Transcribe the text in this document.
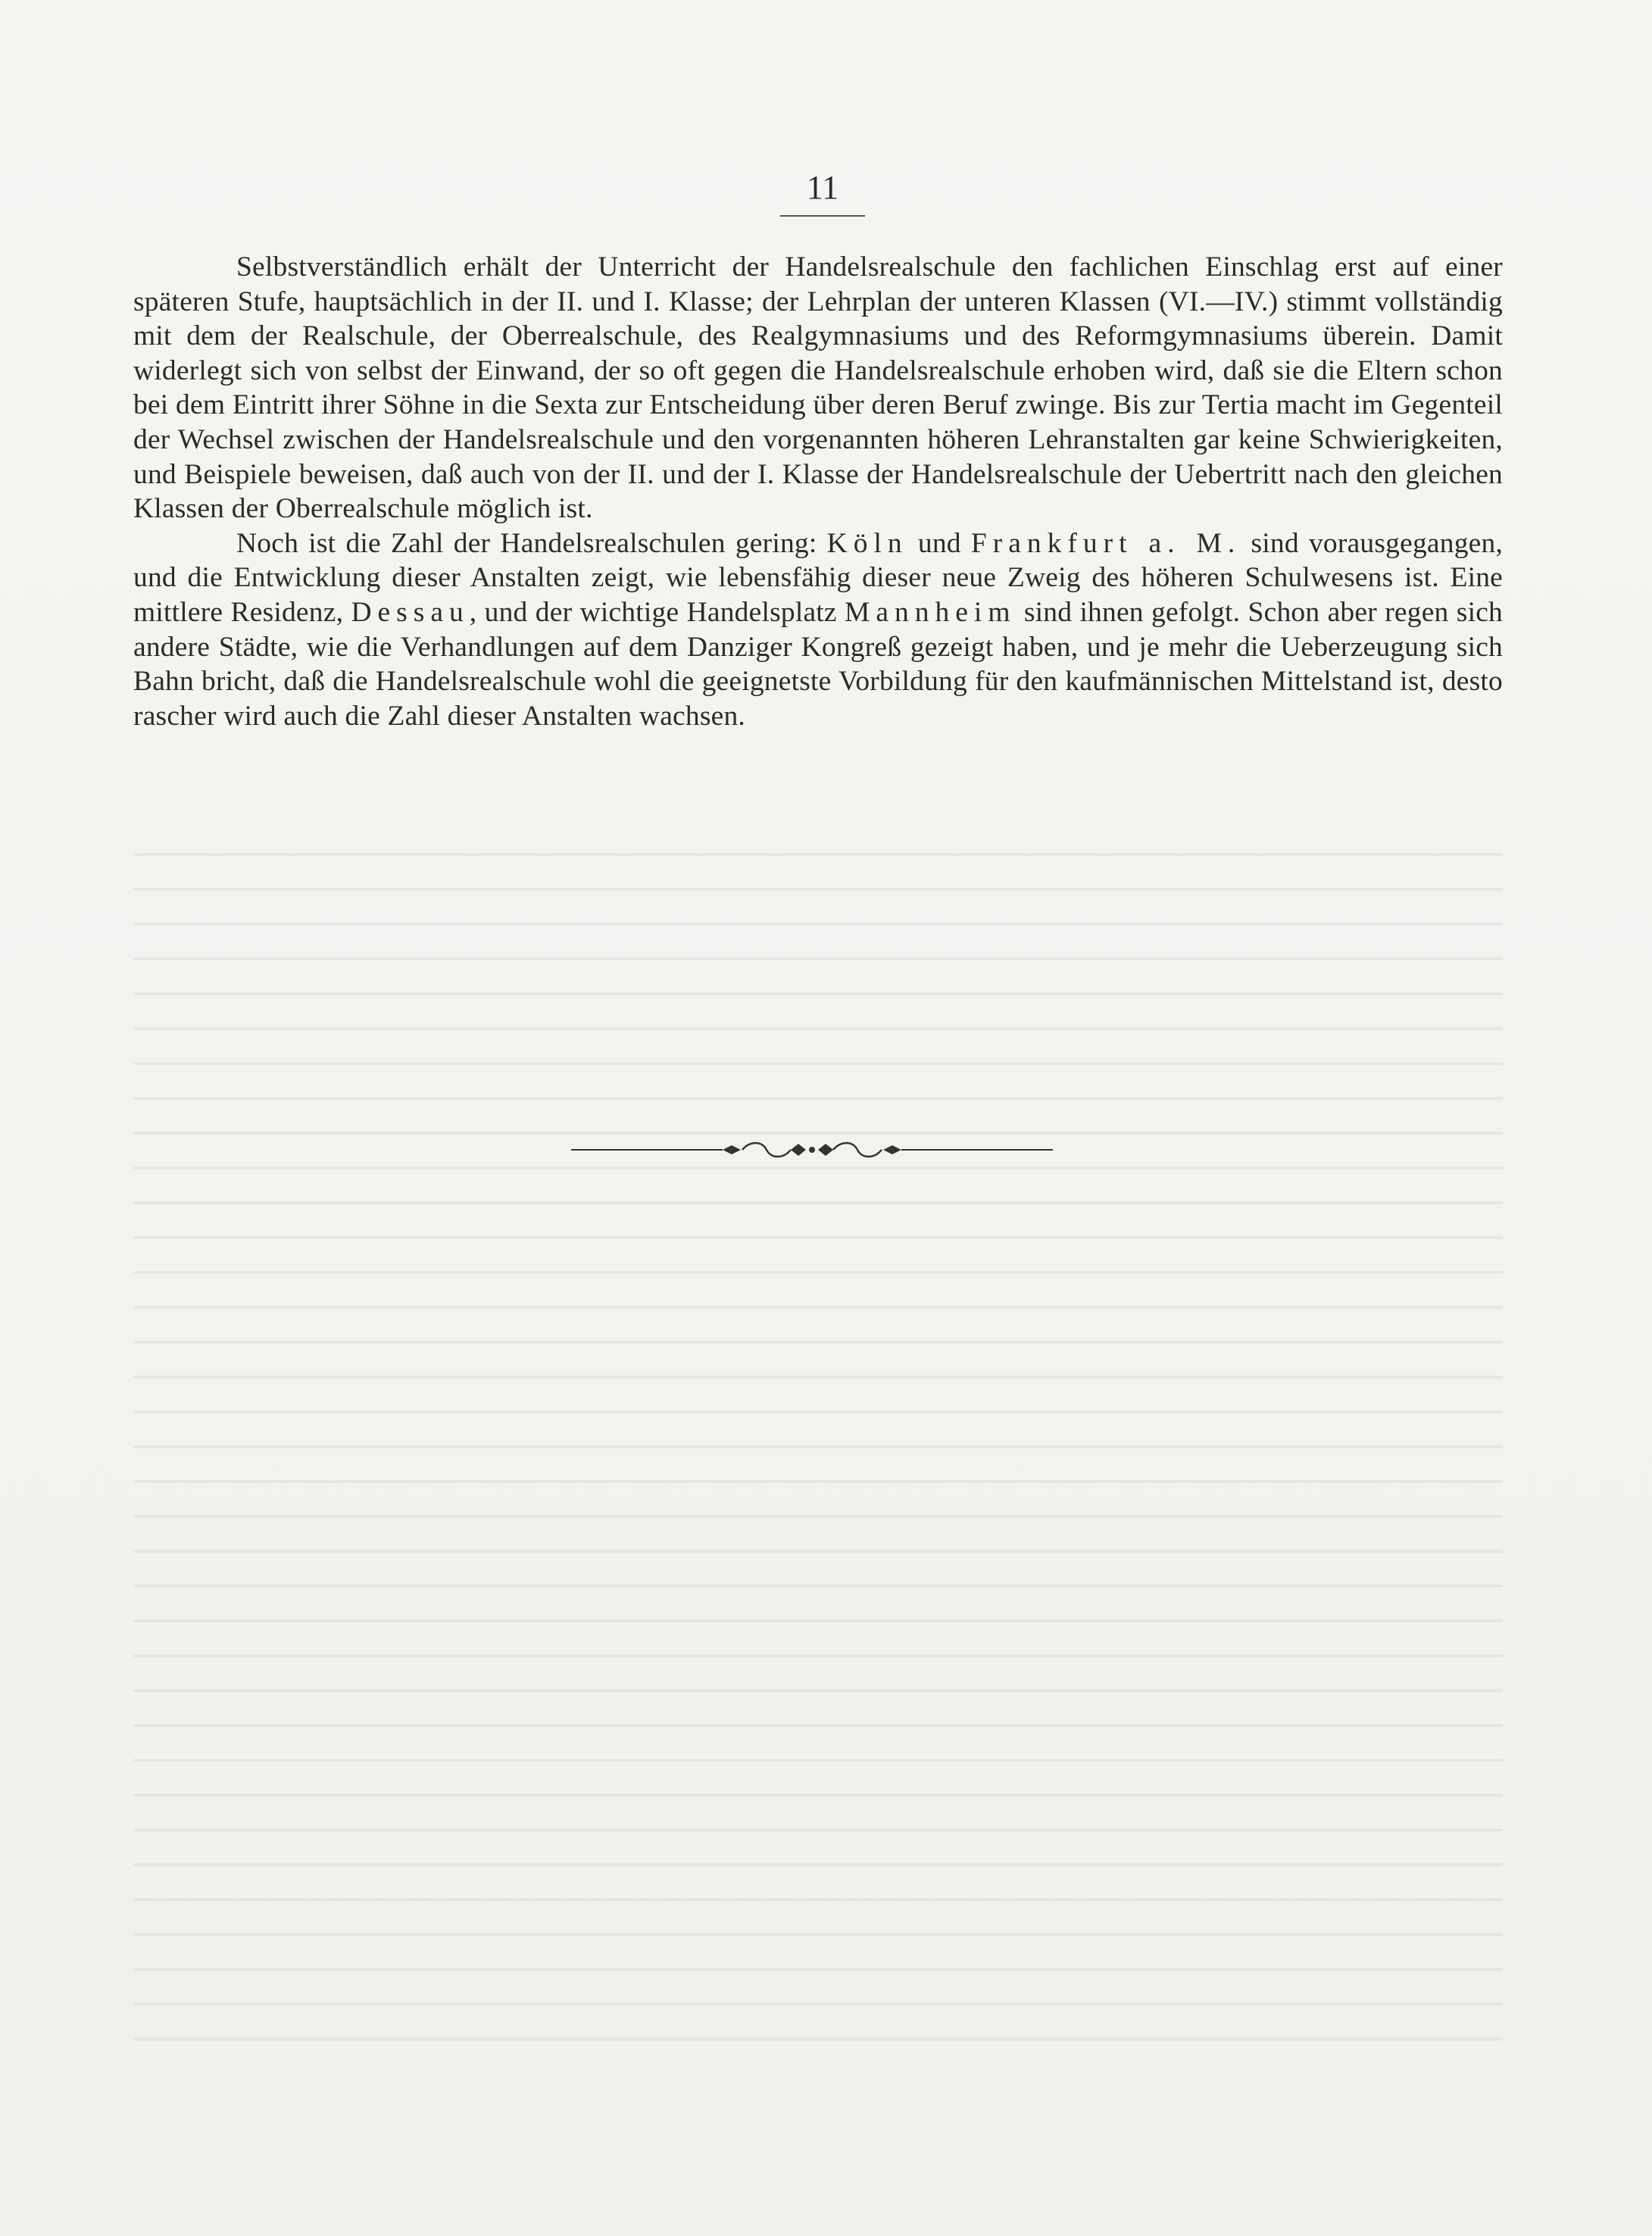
11

Selbstverständlich erhält der Unterricht der Handelsrealschule den fachlichen Einschlag erst auf einer späteren Stufe, hauptsächlich in der II. und I. Klasse; der Lehrplan der unteren Klassen (VI.—IV.) stimmt vollständig mit dem der Realschule, der Oberrealschule, des Realgymnasiums und des Reformgymnasiums überein. Damit widerlegt sich von selbst der Einwand, der so oft gegen die Handelsrealschule erhoben wird, daß sie die Eltern schon bei dem Eintritt ihrer Söhne in die Sexta zur Entscheidung über deren Beruf zwinge. Bis zur Tertia macht im Gegenteil der Wechsel zwischen der Handelsrealschule und den vorgenannten höheren Lehranstalten gar keine Schwierigkeiten, und Beispiele beweisen, daß auch von der II. und der I. Klasse der Handelsrealschule der Uebertritt nach den gleichen Klassen der Oberrealschule möglich ist.

Noch ist die Zahl der Handelsrealschulen gering: Köln und Frankfurt a. M. sind vorausgegangen, und die Entwicklung dieser Anstalten zeigt, wie lebensfähig dieser neue Zweig des höheren Schulwesens ist. Eine mittlere Residenz, Dessau, und der wichtige Handelsplatz Mannheim sind ihnen gefolgt. Schon aber regen sich andere Städte, wie die Verhandlungen auf dem Danziger Kongreß gezeigt haben, und je mehr die Ueberzeugung sich Bahn bricht, daß die Handelsrealschule wohl die geeignetste Vorbildung für den kaufmännischen Mittelstand ist, desto rascher wird auch die Zahl dieser Anstalten wachsen.
